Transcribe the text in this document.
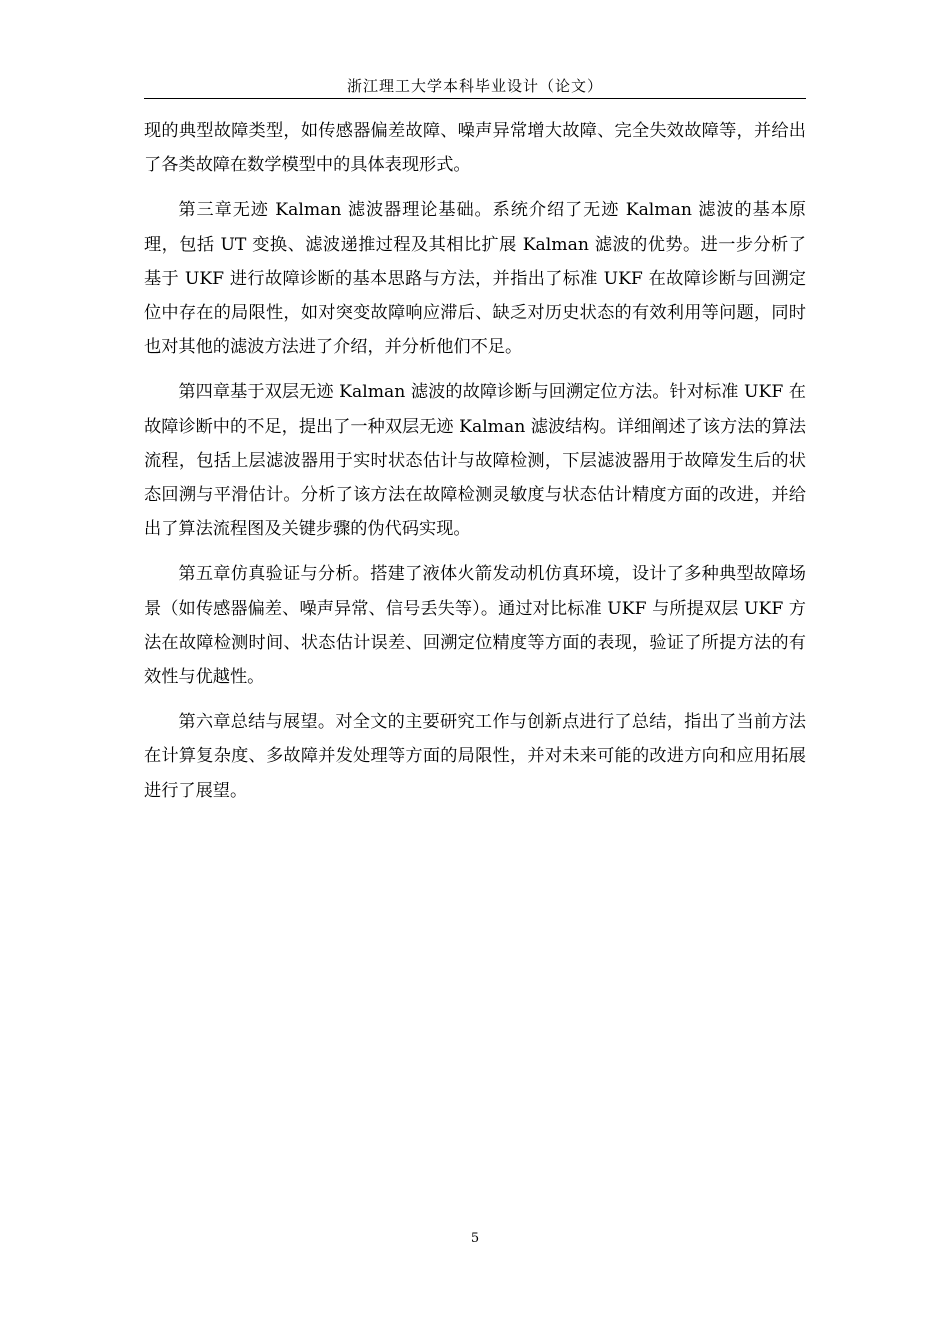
浙江理工大学本科毕业设计（论文）

现的典型故障类型，如传感器偏差故障、噪声异常增大故障、完全失效故障等，并给出了各类故障在数学模型中的具体表现形式。

第三章无迹 Kalman 滤波器理论基础。系统介绍了无迹 Kalman 滤波的基本原理，包括 UT 变换、滤波递推过程及其相比扩展 Kalman 滤波的优势。进一步分析了基于 UKF 进行故障诊断的基本思路与方法，并指出了标准 UKF 在故障诊断与回溯定位中存在的局限性，如对突变故障响应滞后、缺乏对历史状态的有效利用等问题，同时也对其他的滤波方法进了介绍，并分析他们不足。

第四章基于双层无迹 Kalman 滤波的故障诊断与回溯定位方法。针对标准 UKF 在故障诊断中的不足，提出了一种双层无迹 Kalman 滤波结构。详细阐述了该方法的算法流程，包括上层滤波器用于实时状态估计与故障检测，下层滤波器用于故障发生后的状态回溯与平滑估计。分析了该方法在故障检测灵敏度与状态估计精度方面的改进，并给出了算法流程图及关键步骤的伪代码实现。

第五章仿真验证与分析。搭建了液体火箭发动机仿真环境，设计了多种典型故障场景（如传感器偏差、噪声异常、信号丢失等）。通过对比标准 UKF 与所提双层 UKF 方法在故障检测时间、状态估计误差、回溯定位精度等方面的表现，验证了所提方法的有效性与优越性。

第六章总结与展望。对全文的主要研究工作与创新点进行了总结，指出了当前方法在计算复杂度、多故障并发处理等方面的局限性，并对未来可能的改进方向和应用拓展进行了展望。

5
